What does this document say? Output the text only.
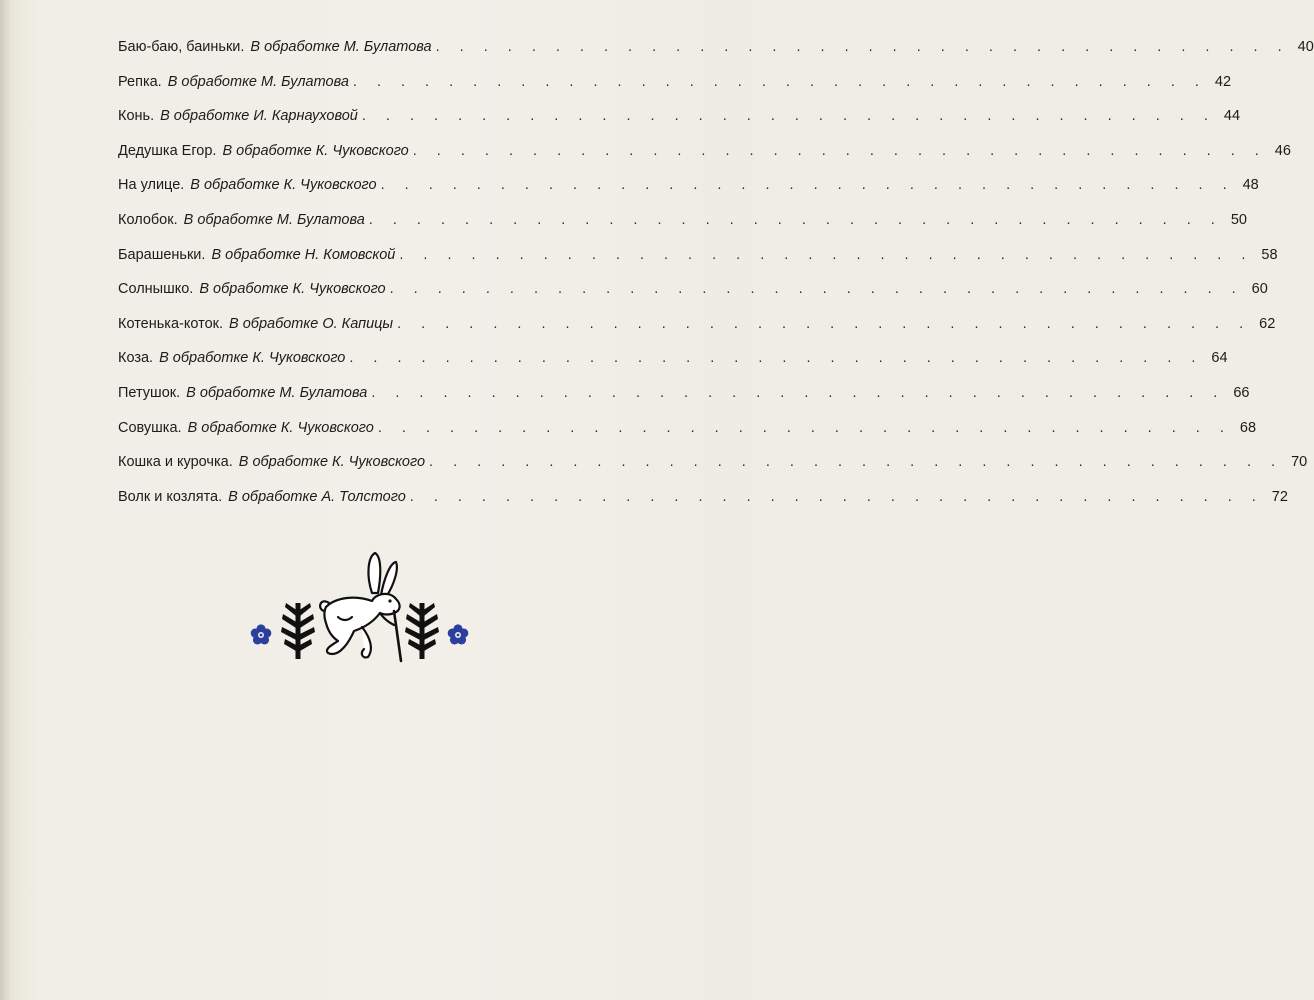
Баю-баю, баиньки. В обработке М. Булатова . . . . . . . . . . . . . . . . . . . . . . . . . . . . . . . . . . . . 40
Репка. В обработке М. Булатова . . . . . . . . . . . . . . . . . . . . . . . . . . . . . . . . . . . . 42
Конь. В обработке И. Карнауховой . . . . . . . . . . . . . . . . . . . . . . . . . . . . . . . . . . . . 44
Дедушка Егор. В обработке К. Чуковского . . . . . . . . . . . . . . . . . . . . . . . . . . . . . . . . . . . . 46
На улице. В обработке К. Чуковского . . . . . . . . . . . . . . . . . . . . . . . . . . . . . . . . . . . . 48
Колобок. В обработке М. Булатова . . . . . . . . . . . . . . . . . . . . . . . . . . . . . . . . . . . . 50
Барашеньки. В обработке Н. Комовской . . . . . . . . . . . . . . . . . . . . . . . . . . . . . . . . . . . . 58
Солнышко. В обработке К. Чуковского . . . . . . . . . . . . . . . . . . . . . . . . . . . . . . . . . . . . 60
Котенька-коток. В обработке О. Капицы . . . . . . . . . . . . . . . . . . . . . . . . . . . . . . . . . . . . 62
Коза. В обработке К. Чуковского . . . . . . . . . . . . . . . . . . . . . . . . . . . . . . . . . . . . 64
Петушок. В обработке М. Булатова . . . . . . . . . . . . . . . . . . . . . . . . . . . . . . . . . . . . 66
Совушка. В обработке К. Чуковского . . . . . . . . . . . . . . . . . . . . . . . . . . . . . . . . . . . . 68
Кошка и курочка. В обработке К. Чуковского . . . . . . . . . . . . . . . . . . . . . . . . . . . . . . . . . . . . 70
Волк и козлята. В обработке А. Толстого . . . . . . . . . . . . . . . . . . . . . . . . . . . . . . . . . . . . 72
